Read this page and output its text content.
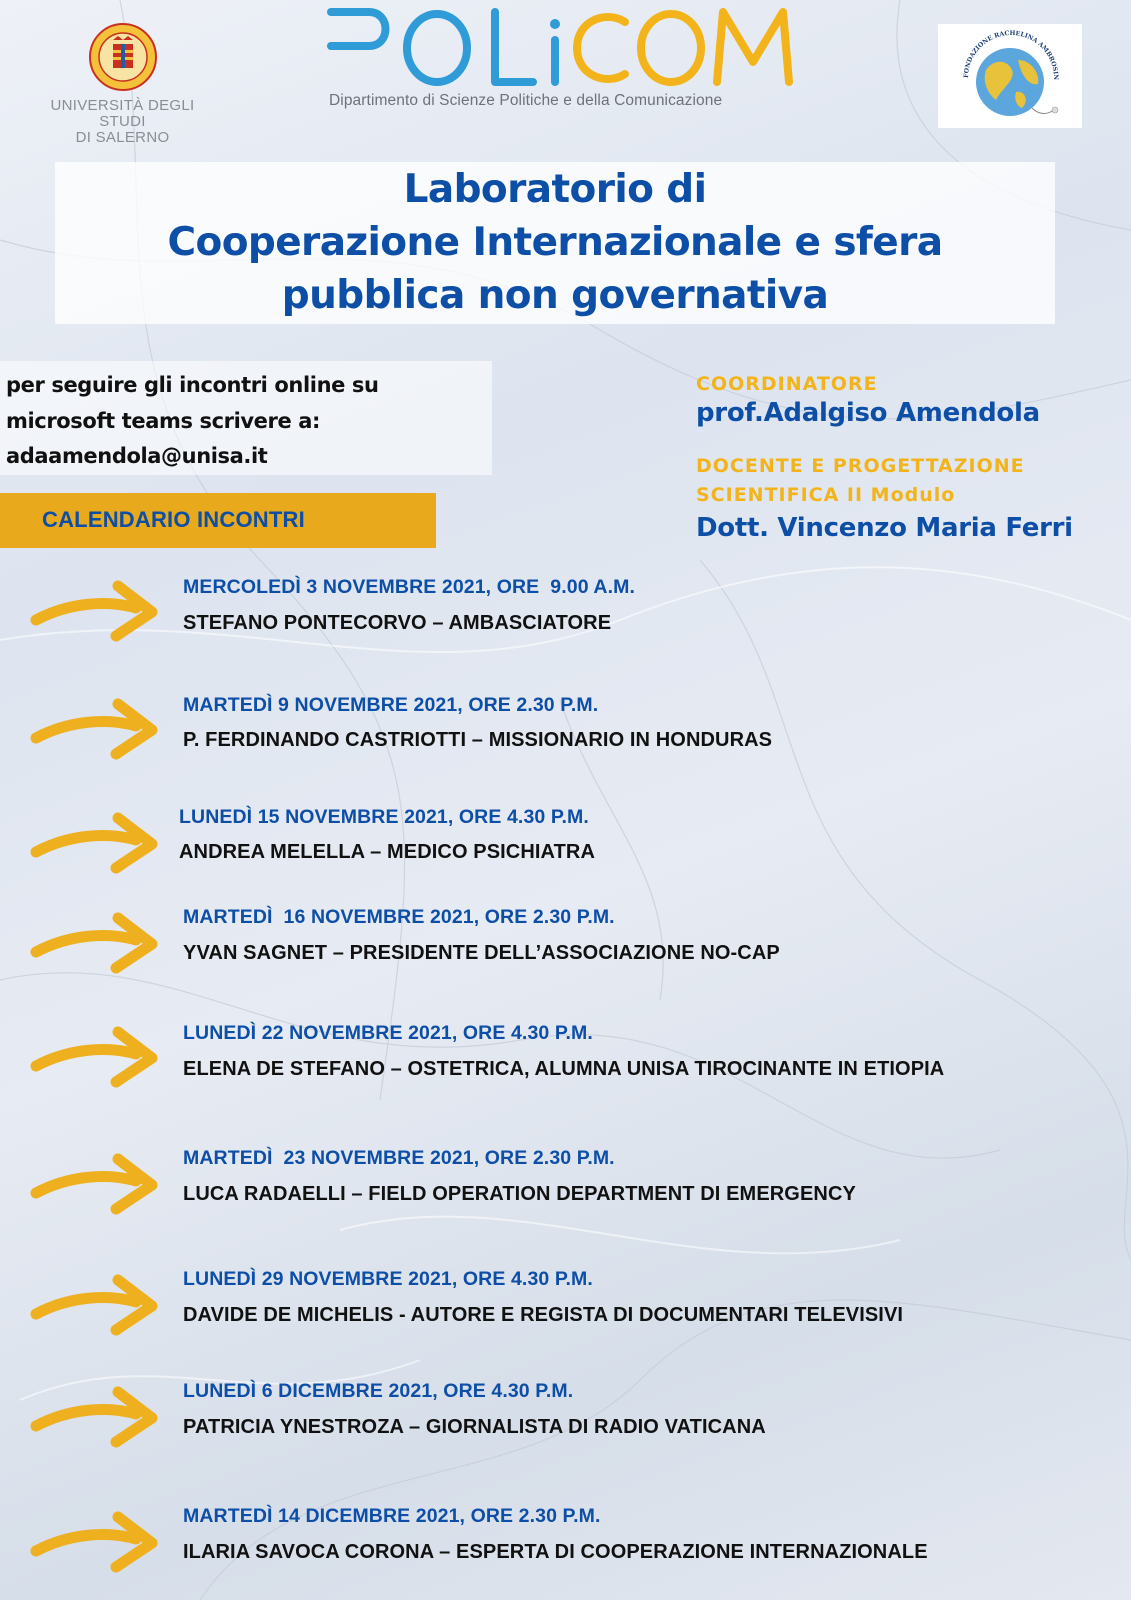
UNIVERSITÀ DEGLI STUDI
DI SALERNO
Dipartimento di Scienze Politiche e della Comunicazione
FONDAZIONE RACHELINA AMBROSIN
Laboratorio di
Cooperazione Internazionale e sfera
pubblica non governativa
per seguire gli incontri online su
microsoft teams scrivere a:
adaamendola@unisa.it
CALENDARIO INCONTRI
COORDINATORE
prof.Adalgiso Amendola
DOCENTE E PROGETTAZIONE
SCIENTIFICA II Modulo
Dott. Vincenzo Maria Ferri
MERCOLEDÌ 3 NOVEMBRE 2021, ORE  9.00 A.M.
STEFANO PONTECORVO – AMBASCIATORE
MARTEDÌ 9 NOVEMBRE 2021, ORE 2.30 P.M.
P. FERDINANDO CASTRIOTTI – MISSIONARIO IN HONDURAS
LUNEDÌ 15 NOVEMBRE 2021, ORE 4.30 P.M.
ANDREA MELELLA – MEDICO PSICHIATRA
MARTEDÌ  16 NOVEMBRE 2021, ORE 2.30 P.M.
YVAN SAGNET – PRESIDENTE DELL’ASSOCIAZIONE NO-CAP
LUNEDÌ 22 NOVEMBRE 2021, ORE 4.30 P.M.
ELENA DE STEFANO – OSTETRICA, ALUMNA UNISA TIROCINANTE IN ETIOPIA
MARTEDÌ  23 NOVEMBRE 2021, ORE 2.30 P.M.
LUCA RADAELLI – FIELD OPERATION DEPARTMENT DI EMERGENCY
LUNEDÌ 29 NOVEMBRE 2021, ORE 4.30 P.M.
DAVIDE DE MICHELIS - AUTORE E REGISTA DI DOCUMENTARI TELEVISIVI
LUNEDÌ 6 DICEMBRE 2021, ORE 4.30 P.M.
PATRICIA YNESTROZA – GIORNALISTA DI RADIO VATICANA
MARTEDÌ 14 DICEMBRE 2021, ORE 2.30 P.M.
ILARIA SAVOCA CORONA – ESPERTA DI COOPERAZIONE INTERNAZIONALE
